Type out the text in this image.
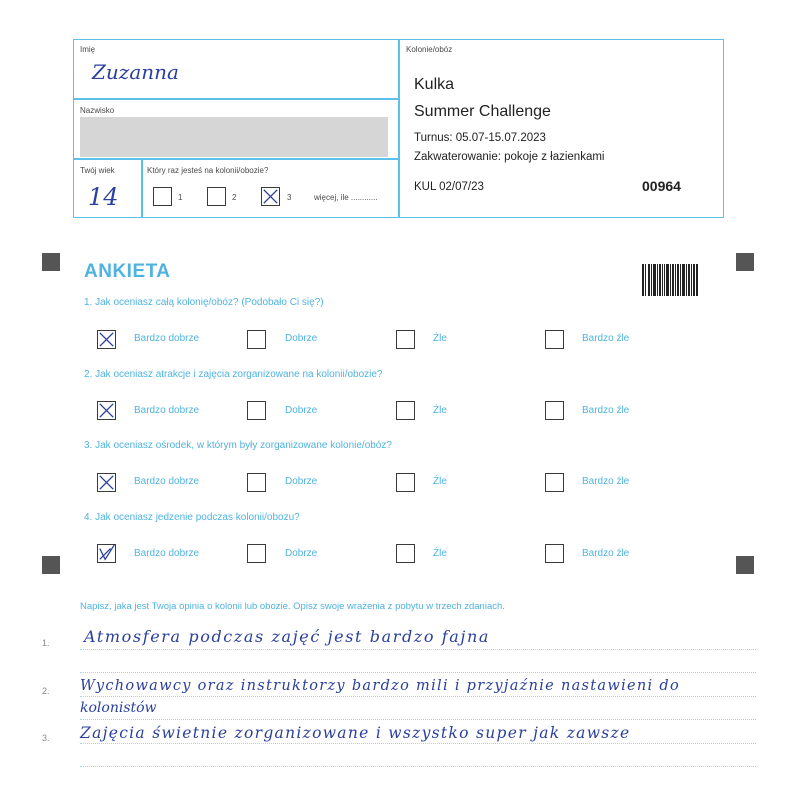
Imię
Zuzanna
Nazwisko
Twój wiek
14
Który raz jesteś na kolonii/obozie?
1	2	3	więcej, ile ............
Kolonie/obóz
Kulka
Summer Challenge
Turnus: 05.07-15.07.2023
Zakwaterowanie: pokoje z łazienkami
KUL 02/07/23	00964
ANKIETA
1. Jak oceniasz całą kolonię/obóz? (Podobało Ci się?)
2. Jak oceniasz atrakcje i zajęcia zorganizowane na kolonii/obozie?
3. Jak oceniasz ośrodek, w którym były zorganizowane kolonie/obóz?
4. Jak oceniasz jedzenie podczas kolonii/obozu?
Bardzo dobrze	Dobrze	Źle	Bardzo źle
Bardzo dobrze	Dobrze	Źle	Bardzo źle
Bardzo dobrze	Dobrze	Źle	Bardzo źle
Bardzo dobrze	Dobrze	Źle	Bardzo źle
Napisz, jaka jest Twoja opinia o kolonii lub obozie. Opisz swoje wrażenia z pobytu w trzech zdaniach.
1.
2.
3.
Atmosfera podczas zajęć jest bardzo fajna
Wychowawcy oraz instruktorzy bardzo mili i przyjaźnie nastawieni do
kolonistów
Zajęcia świetnie zorganizowane i wszystko super jak zawsze
